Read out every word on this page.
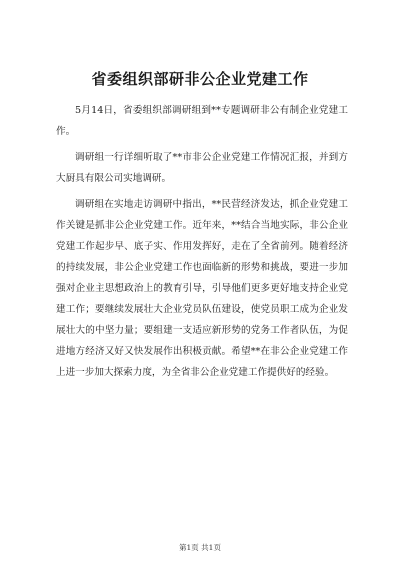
省委组织部研非公企业党建工作

5月14日，省委组织部调研组到**专题调研非公有制企业党建工作。

调研组一行详细听取了**市非公企业党建工作情况汇报，并到方大厨具有限公司实地调研。

调研组在实地走访调研中指出，**民营经济发达，抓企业党建工作关键是抓非公企业党建工作。近年来，**结合当地实际，非公企业党建工作起步早、底子实、作用发挥好，走在了全省前列。随着经济的持续发展，非公企业党建工作也面临新的形势和挑战，要进一步加强对企业主思想政治上的教育引导，引导他们更多更好地支持企业党建工作；要继续发展壮大企业党员队伍建设，使党员职工成为企业发展壮大的中坚力量；要组建一支适应新形势的党务工作者队伍，为促进地方经济又好又快发展作出积极贡献。希望**在非公企业党建工作上进一步加大探索力度，为全省非公企业党建工作提供好的经验。

第1页 共1页
